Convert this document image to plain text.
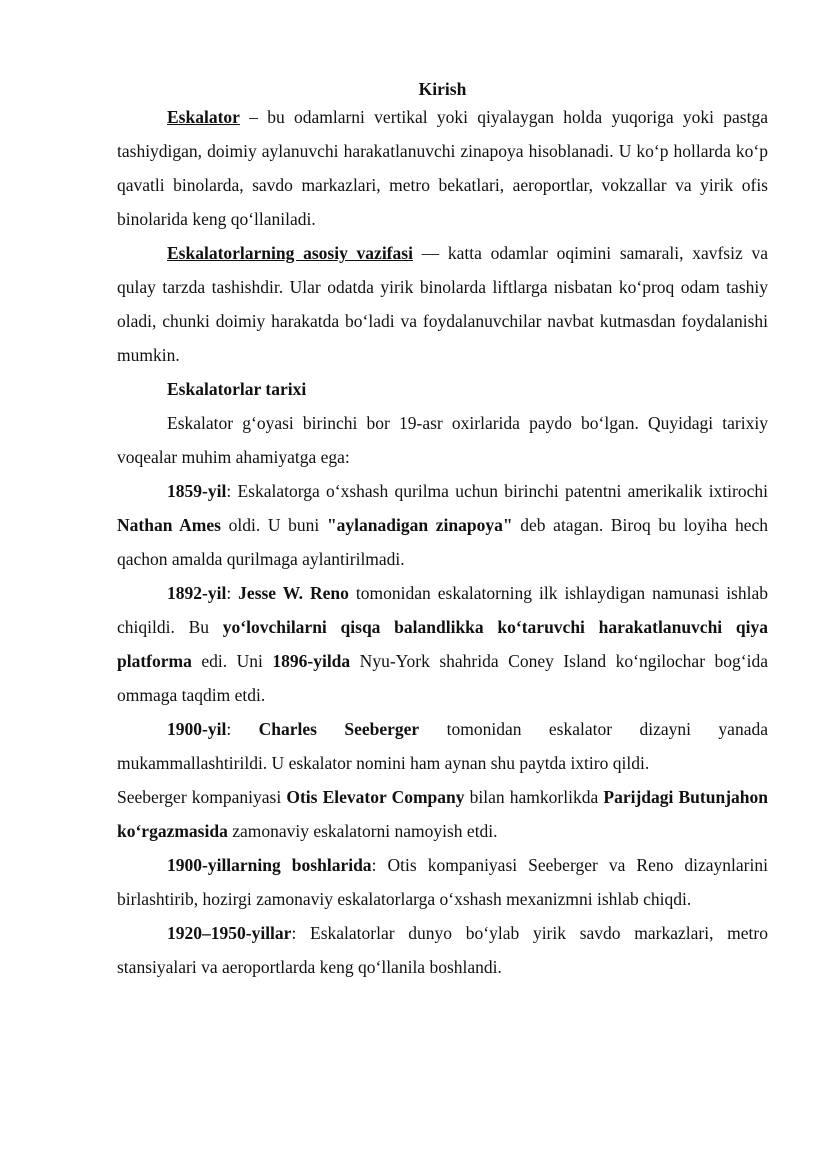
Kirish

Eskalator – bu odamlarni vertikal yoki qiyalaygan holda yuqoriga yoki pastga tashiydigan, doimiy aylanuvchi harakatlanuvchi zinapoya hisoblanadi. U ko‘p hollarda ko‘p qavatli binolarda, savdo markazlari, metro bekatlari, aeroportlar, vokzallar va yirik ofis binolarida keng qo‘llaniladi.

Eskalatorlarning asosiy vazifasi — katta odamlar oqimini samarali, xavfsiz va qulay tarzda tashishdir. Ular odatda yirik binolarda liftlarga nisbatan ko‘proq odam tashiy oladi, chunki doimiy harakatda bo‘ladi va foydalanuvchilar navbat kutmasdan foydalanishi mumkin.

Eskalatorlar tarixi

Eskalator g‘oyasi birinchi bor 19-asr oxirlarida paydo bo‘lgan. Quyidagi tarixiy voqealar muhim ahamiyatga ega:

1859-yil: Eskalatorga o‘xshash qurilma uchun birinchi patentni amerikalik ixtirochi Nathan Ames oldi. U buni "aylanadigan zinapoya" deb atagan. Biroq bu loyiha hech qachon amalda qurilmaga aylantirilmadi.

1892-yil: Jesse W. Reno tomonidan eskalatorning ilk ishlaydigan namunasi ishlab chiqildi. Bu yo‘lovchilarni qisqa balandlikka ko‘taruvchi harakatlanuvchi qiya platforma edi. Uni 1896-yilda Nyu-York shahrida Coney Island ko‘ngilochar bog‘ida ommaga taqdim etdi.

1900-yil: Charles Seeberger tomonidan eskalator dizayni yanada mukammallashtirildi. U eskalator nomini ham aynan shu paytda ixtiro qildi.

Seeberger kompaniyasi Otis Elevator Company bilan hamkorlikda Parijdagi Butunjahon ko‘rgazmasida zamonaviy eskalatorni namoyish etdi.

1900-yillarning boshlarida: Otis kompaniyasi Seeberger va Reno dizaynlarini birlashtirib, hozirgi zamonaviy eskalatorlarga o‘xshash mexanizmni ishlab chiqdi.

1920–1950-yillar: Eskalatorlar dunyo bo‘ylab yirik savdo markazlari, metro stansiyalari va aeroportlarda keng qo‘llanila boshlandi.
